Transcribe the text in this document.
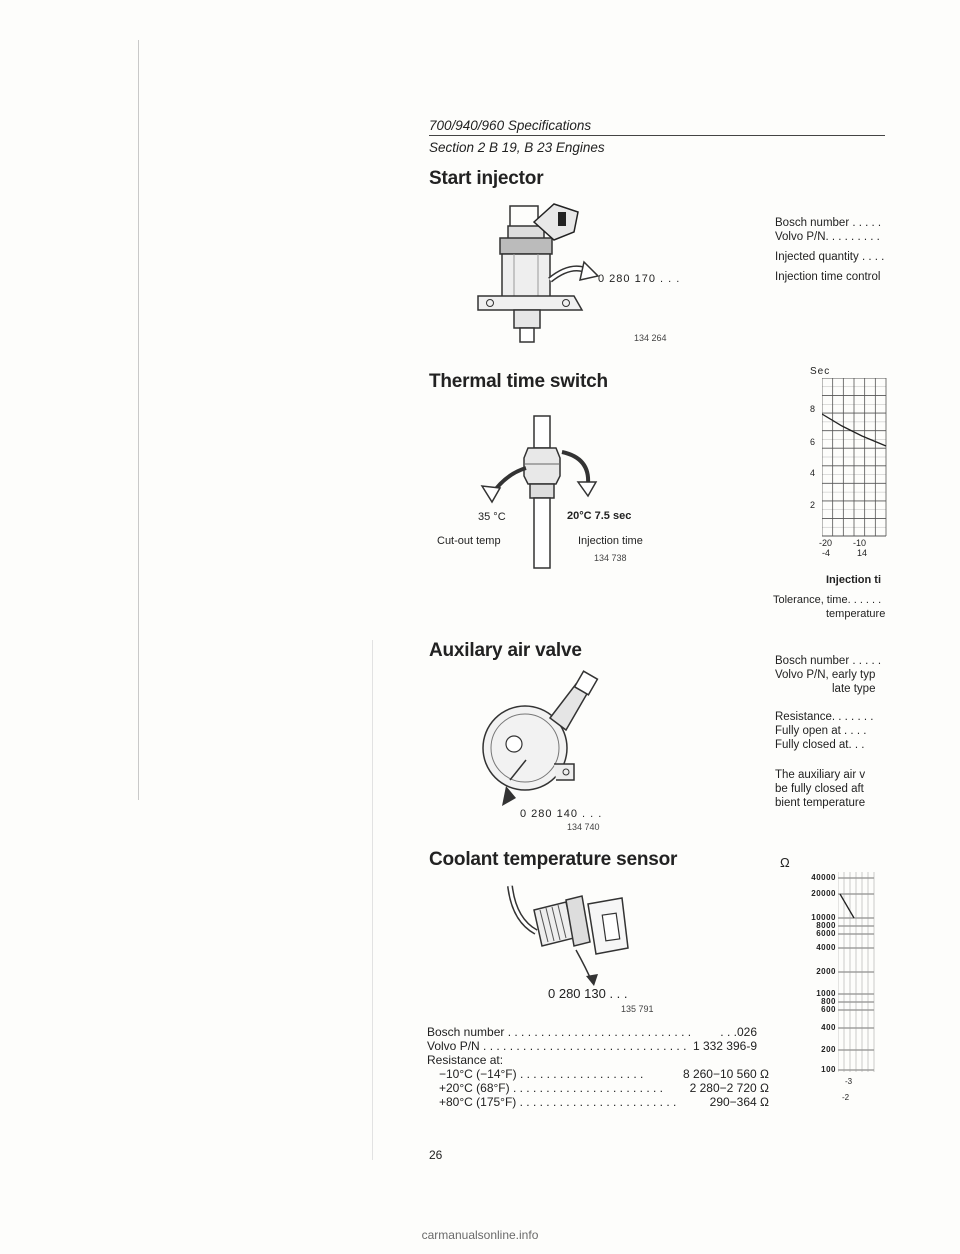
700/940/960 Specifications
Section 2 B 19, B 23 Engines
Start injector
0 280 170 . . .
134 264
Bosch number . . . . .
Volvo P/N. . . . . . . . .
Injected quantity . . . .
Injection time control
Thermal time switch
35 °C	20°C 7.5 sec
Cut-out temp	Injection time
134 738
Sec
8
6
4
2
-20 -10
-4	14
Injection ti
Tolerance, time. . . . . .
temperature
Auxilary air valve
0 280 140 . . .
134 740
Bosch number . . . . .
Volvo P/N, early typ
late type
Resistance. . . . . . .
Fully open at . . . .
Fully closed at. . .
The auxiliary air v
be fully closed aft
bient temperature
Coolant temperature sensor
0 280 130 . . .
135 791
Bosch number . . . . . . . . . . . . . . . . . . . . . . . . . . . .	. . .026
Volvo P/N . . . . . . . . . . . . . . . . . . . . . . . . . . . . . . . 1 332 396-9
Resistance at:
−10°C (−14°F) . . . . . . . . . . . . . . . . . . .	8 260−10 560 Ω
+20°C (68°F) . . . . . . . . . . . . . . . . . . . . . . .	2 280−2 720 Ω
+80°C (175°F) . . . . . . . . . . . . . . . . . . . . . . . .	290−364 Ω
Ω
40000
20000
10000
8000
6000
4000
2000
1000
800
600
400
200
100
-3
-2
26
carmanualsonline.info
